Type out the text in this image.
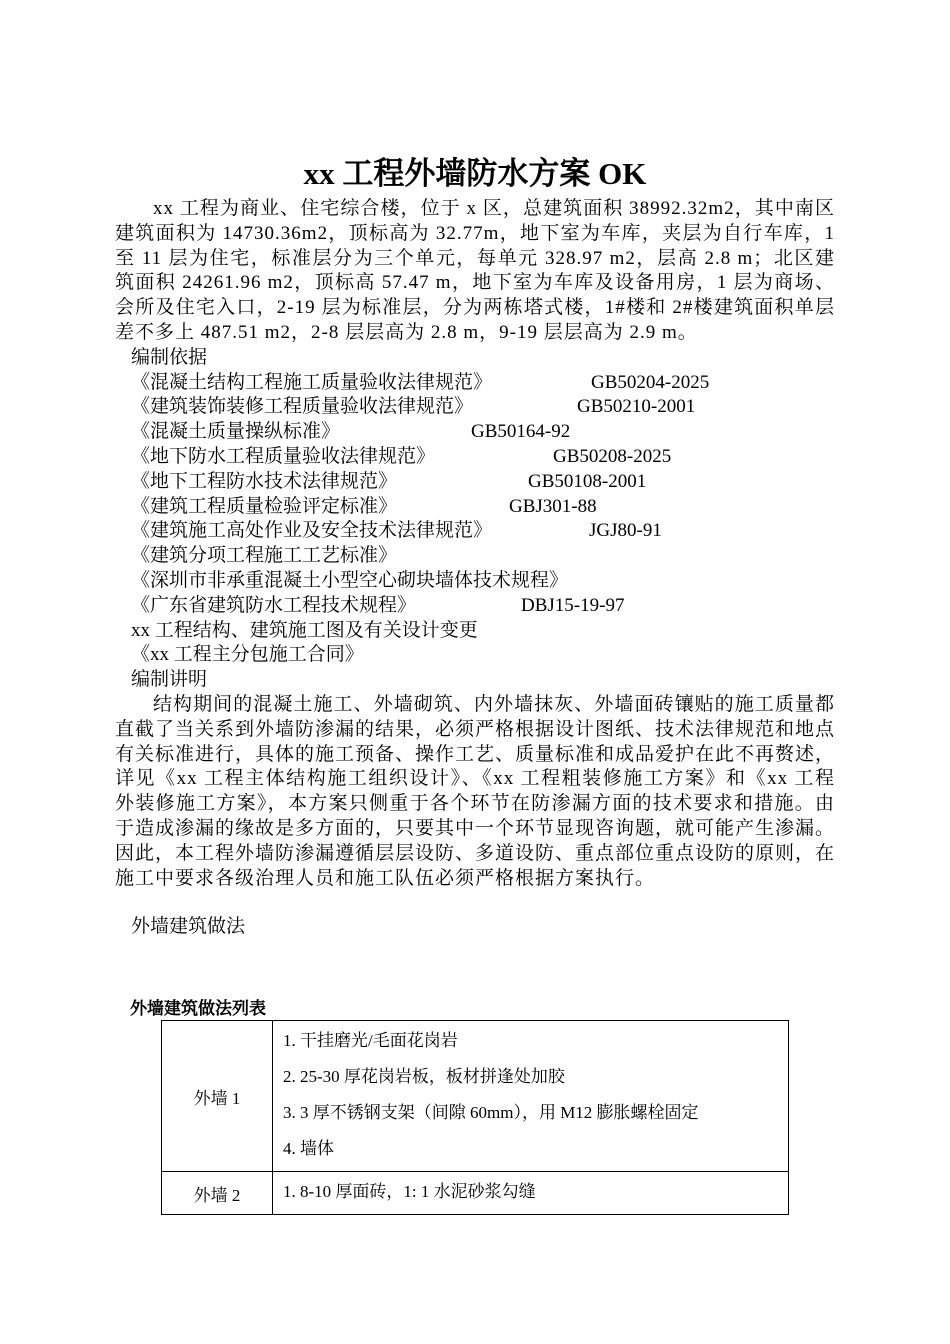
xx 工程外墙防水方案 OK

xx 工程为商业、住宅综合楼，位于 x 区，总建筑面积 38992.32m2，其中南区建筑面积为 14730.36m2，顶标高为 32.77m，地下室为车库，夹层为自行车库，1 至 11 层为住宅，标准层分为三个单元，每单元 328.97 m2，层高 2.8 m；北区建筑面积 24261.96 m2，顶标高 57.47 m，地下室为车库及设备用房，1 层为商场、会所及住宅入口，2-19 层为标准层，分为两栋塔式楼，1#楼和 2#楼建筑面积单层差不多上 487.51 m2，2-8 层层高为 2.8 m，9-19 层层高为 2.9 m。

编制依据

《混凝土结构工程施工质量验收法律规范》	GB50204-2025
《建筑装饰装修工程质量验收法律规范》	GB50210-2001
《混凝土质量操纵标准》	GB50164-92
《地下防水工程质量验收法律规范》	GB50208-2025
《地下工程防水技术法律规范》	GB50108-2001
《建筑工程质量检验评定标准》	GBJ301-88
《建筑施工高处作业及安全技术法律规范》	JGJ80-91
《建筑分项工程施工工艺标准》
《深圳市非承重混凝土小型空心砌块墙体技术规程》
《广东省建筑防水工程技术规程》	DBJ15-19-97

xx 工程结构、建筑施工图及有关设计变更

《xx 工程主分包施工合同》

编制讲明

结构期间的混凝土施工、外墙砌筑、内外墙抹灰、外墙面砖镶贴的施工质量都直截了当关系到外墙防渗漏的结果，必须严格根据设计图纸、技术法律规范和地点有关标准进行，具体的施工预备、操作工艺、质量标准和成品爱护在此不再赘述，详见《xx 工程主体结构施工组织设计》、《xx 工程粗装修施工方案》和《xx 工程外装修施工方案》，本方案只侧重于各个环节在防渗漏方面的技术要求和措施。由于造成渗漏的缘故是多方面的，只要其中一个环节显现咨询题，就可能产生渗漏。因此，本工程外墙防渗漏遵循层层设防、多道设防、重点部位重点设防的原则，在施工中要求各级治理人员和施工队伍必须严格根据方案执行。

外墙建筑做法

外墙建筑做法列表
外墙 1	1. 干挂磨光/毛面花岗岩
2. 25-30 厚花岗岩板，板材拼逢处加胶
3. 3 厚不锈钢支架（间隙 60mm），用 M12 膨胀螺栓固定
4. 墙体

外墙 2	1. 8-10 厚面砖，1: 1 水泥砂浆勾缝
